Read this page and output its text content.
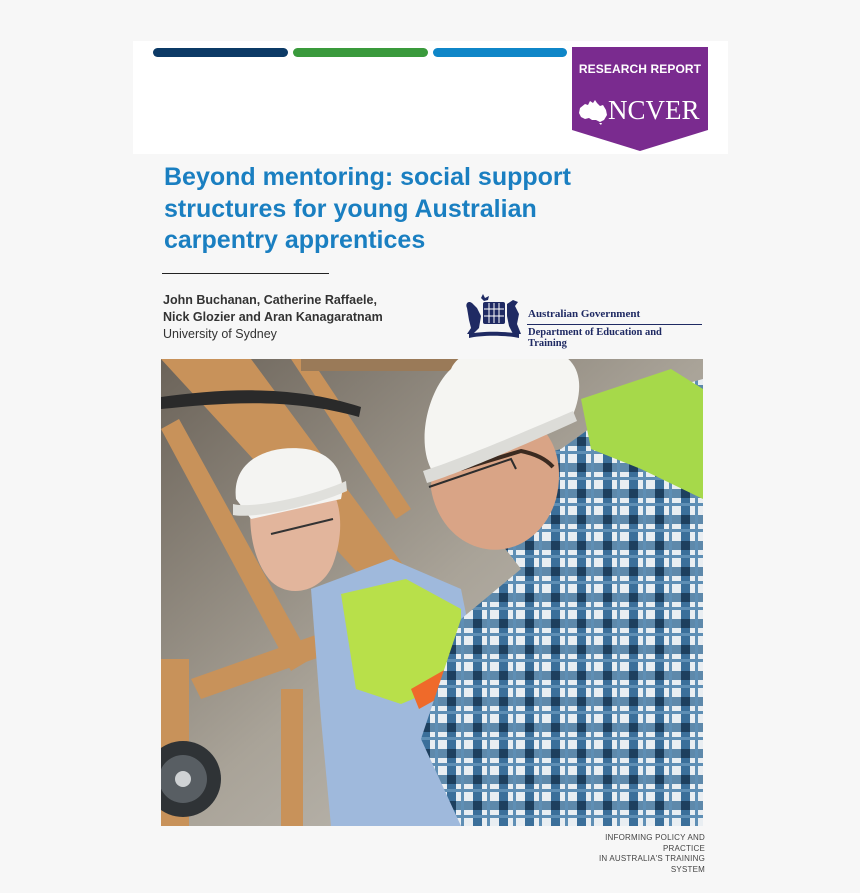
RESEARCH REPORT
NCVER
Beyond mentoring: social support
structures for young Australian
carpentry apprentices
John Buchanan, Catherine Raffaele,
Nick Glozier and Aran Kanagaratnam
University of Sydney
Australian Government
Department of Education and Training
INFORMING POLICY AND PRACTICE
IN AUSTRALIA'S TRAINING SYSTEM
